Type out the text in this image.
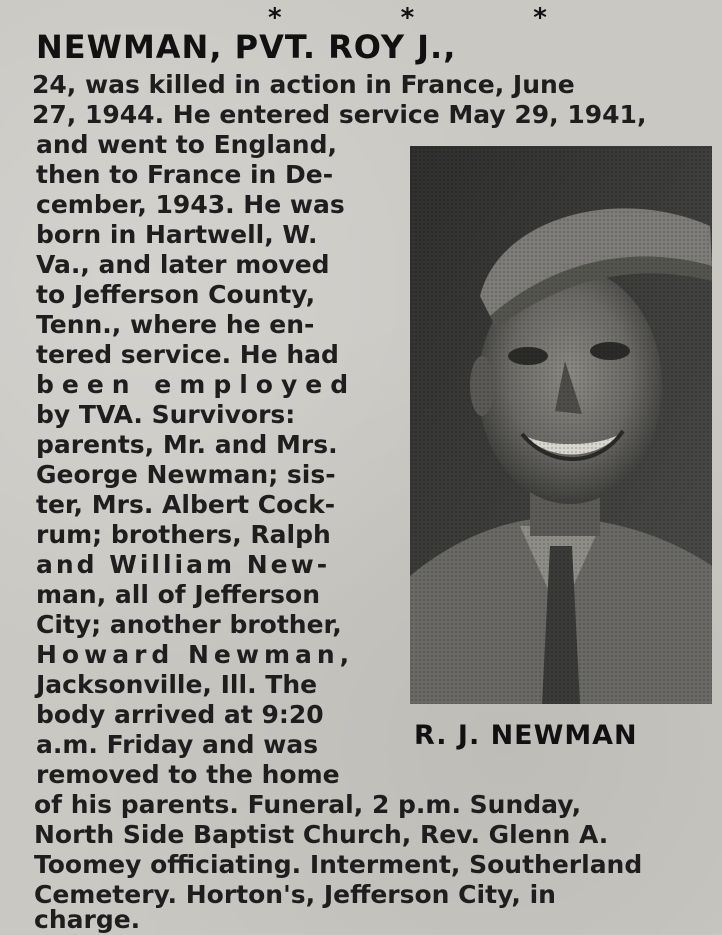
* * *
NEWMAN, PVT. ROY J.,
24, was killed in action in France, June
27, 1944. He entered service May 29, 1941,
and went to England,
then to France in De-
cember, 1943. He was
born in Hartwell, W.
Va., and later moved
to Jefferson County,
Tenn., where he en-
tered service. He had
been employed
by TVA. Survivors:
parents, Mr. and Mrs.
George Newman; sis-
ter, Mrs. Albert Cock-
rum; brothers, Ralph
and William New-
man, all of Jefferson
City; another brother,
Howard Newman,
Jacksonville, Ill. The
body arrived at 9:20
a.m. Friday and was
removed to the home
R. J. NEWMAN
of his parents. Funeral, 2 p.m. Sunday,
North Side Baptist Church, Rev. Glenn A.
Toomey officiating. Interment, Southerland
Cemetery. Horton's, Jefferson City, in
charge.
